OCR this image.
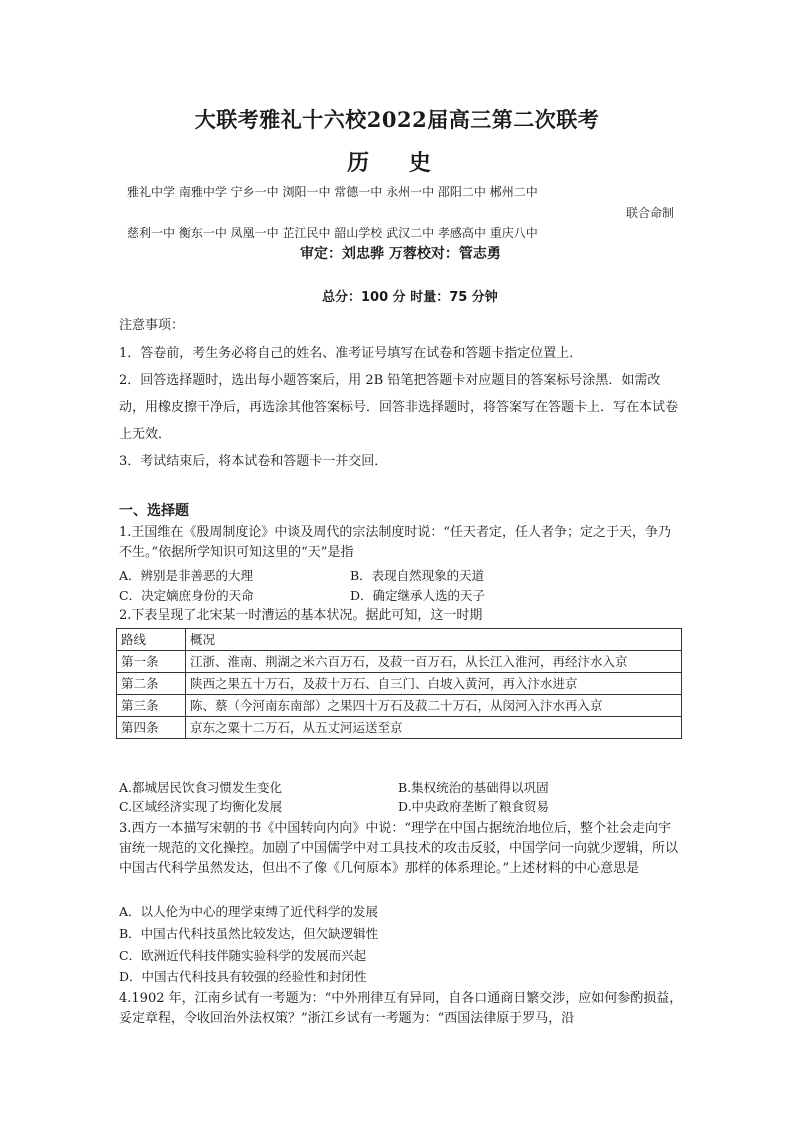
大联考雅礼十六校2022届高三第二次联考
历 史
雅礼中学 南雅中学 宁乡一中 浏阳一中 常德一中 永州一中 邵阳二中 郴州二中
联合命制
慈利一中 衡东一中 凤凰一中 芷江民中 韶山学校 武汉二中 孝感高中 重庆八中
审定：刘忠骅 万蓉校对：管志勇
总分：100 分 时量：75 分钟
注意事项：
1．答卷前，考生务必将自己的姓名、准考证号填写在试卷和答题卡指定位置上．
2．回答选择题时，选出每小题答案后，用 2B 铅笔把答题卡对应题目的答案标号涂黑．如需改动，用橡皮擦干净后，再选涂其他答案标号．回答非选择题时，将答案写在答题卡上．写在本试卷上无效．
3．考试结束后，将本试卷和答题卡一并交回．
一、选择题
1.王国维在《殷周制度论》中谈及周代的宗法制度时说：“任天者定，任人者争；定之于天，争乃不生。”依据所学知识可知这里的“天”是指
A．辨别是非善恶的大理	B．表现自然现象的天道
C．决定嫡庶身份的天命	D．确定继承人选的天子
2.下表呈现了北宋某一时漕运的基本状况。据此可知，这一时期
路线	概况
第一条	江浙、淮南、荆湖之米六百万石，及菽一百万石，从长江入淮河，再经汴水入京
第二条	陕西之果五十万石，及菽十万石、自三门、白坡入黄河，再入汴水进京
第三条	陈、蔡（今河南东南部）之果四十万石及菽二十万石，从闵河入汴水再入京
第四条	京东之粟十二万石，从五丈河运送至京
A.都城居民饮食习惯发生变化	B.集权统治的基础得以巩固
C.区域经济实现了均衡化发展	D.中央政府垄断了粮食贸易
3.西方一本描写宋朝的书《中国转向内向》中说：“理学在中国占据统治地位后，整个社会走向宇宙统一规范的文化操控。加剧了中国儒学中对工具技术的攻击反驳，中国学问一向就少逻辑，所以中国古代科学虽然发达，但出不了像《几何原本》那样的体系理论。”上述材料的中心意思是
A．以人伦为中心的理学束缚了近代科学的发展
B．中国古代科技虽然比较发达，但欠缺逻辑性
C．欧洲近代科技伴随实验科学的发展而兴起
D．中国古代科技具有较强的经验性和封闭性
4.1902 年，江南乡试有一考题为：“中外刑律互有异同，自各口通商日繁交涉，应如何参酌损益，妥定章程，令收回治外法权策？”浙江乡试有一考题为：“西国法律原于罗马，沿
